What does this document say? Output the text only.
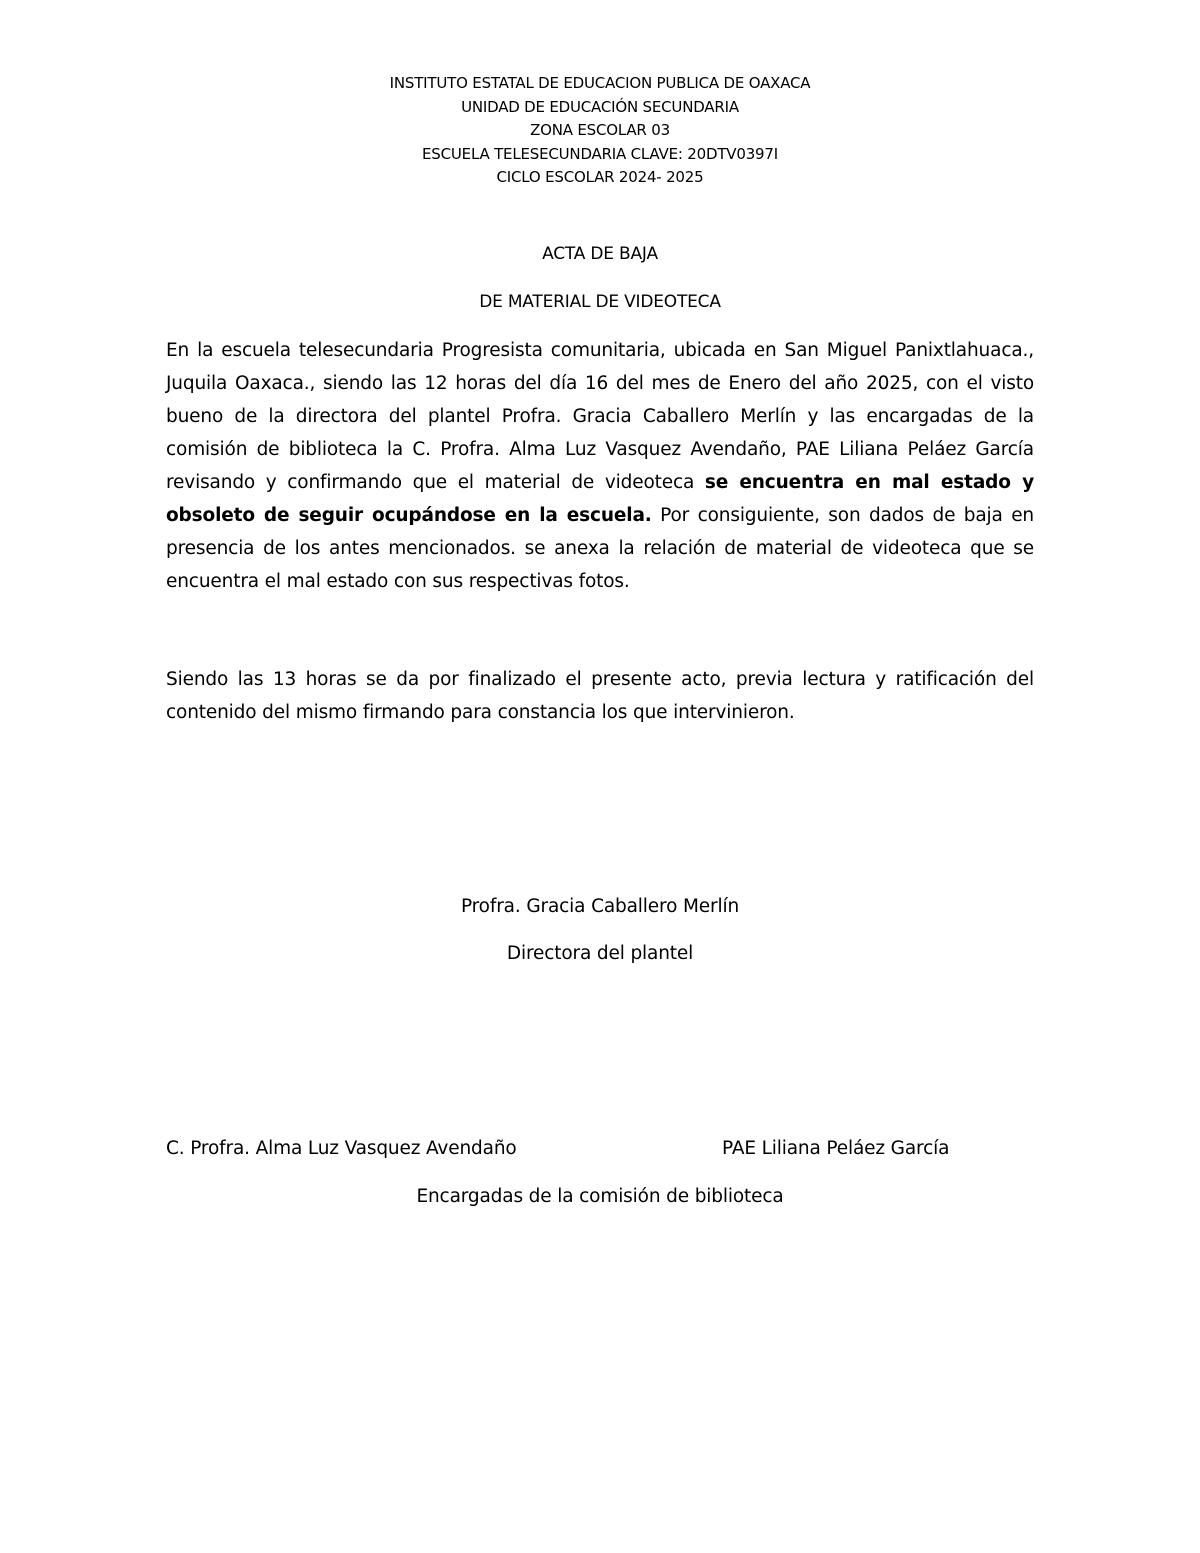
INSTITUTO ESTATAL DE EDUCACION PUBLICA DE OAXACA
UNIDAD DE EDUCACIÓN SECUNDARIA
ZONA ESCOLAR 03
ESCUELA TELESECUNDARIA CLAVE: 20DTV0397I
CICLO ESCOLAR 2024- 2025
ACTA DE BAJA
DE MATERIAL DE VIDEOTECA

En la escuela telesecundaria Progresista comunitaria, ubicada en San Miguel Panixtlahuaca., Juquila Oaxaca., siendo las 12 horas del día 16 del mes de Enero del año 2025, con el visto bueno de la directora del plantel Profra. Gracia Caballero Merlín y las encargadas de la comisión de biblioteca la C. Profra. Alma Luz Vasquez Avendaño, PAE Liliana Peláez García revisando y confirmando que el material de videoteca se encuentra en mal estado y obsoleto de seguir ocupándose en la escuela. Por consiguiente, son dados de baja en presencia de los antes mencionados. se anexa la relación de material de videoteca que se encuentra el mal estado con sus respectivas fotos.

Siendo las 13 horas se da por finalizado el presente acto, previa lectura y ratificación del contenido del mismo firmando para constancia los que intervinieron.

Profra. Gracia Caballero Merlín
Directora del plantel
C. Profra. Alma Luz Vasquez Avendaño	PAE Liliana Peláez García
Encargadas de la comisión de biblioteca
